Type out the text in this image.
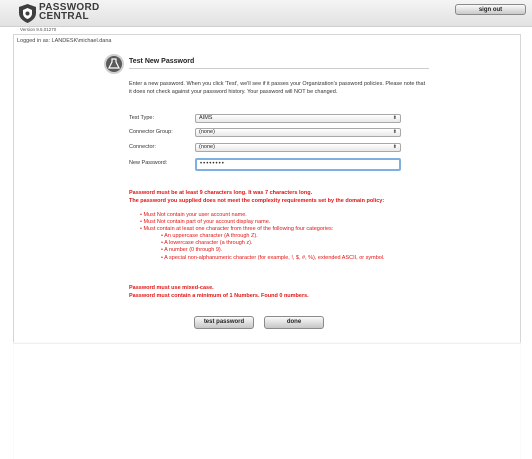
PASSWORD
CENTRAL
sign out
Version 9.5.01270
Logged in as: LANDESK\michael.dana
Test New Password
Enter a new password. When you click 'Test', we'll see if it passes your Organization's password policies. Please note that it does not check against your password history. Your password will NOT be changed.
Test Type:	AIMS	⬍
Connector Group:	(none)	⬍
Connector:	(none)	⬍
New Password:	••••••••
Password must be at least 9 characters long. It was 7 characters long.
The password you supplied does not meet the complexity requirements set by the domain policy:
• Must Not contain your user account name.
• Must Not contain part of your account display name.
• Must contain at least one character from three of the following four categories:
• An uppercase character (A through Z).
• A lowercase character (a through z).
• A number (0 through 9).
• A special non-alphanumeric character (for example, !, $, #, %), extended ASCII, or symbol.
Password must use mixed-case.
Password must contain a minimum of 1 Numbers. Found 0 numbers.
test password	done
